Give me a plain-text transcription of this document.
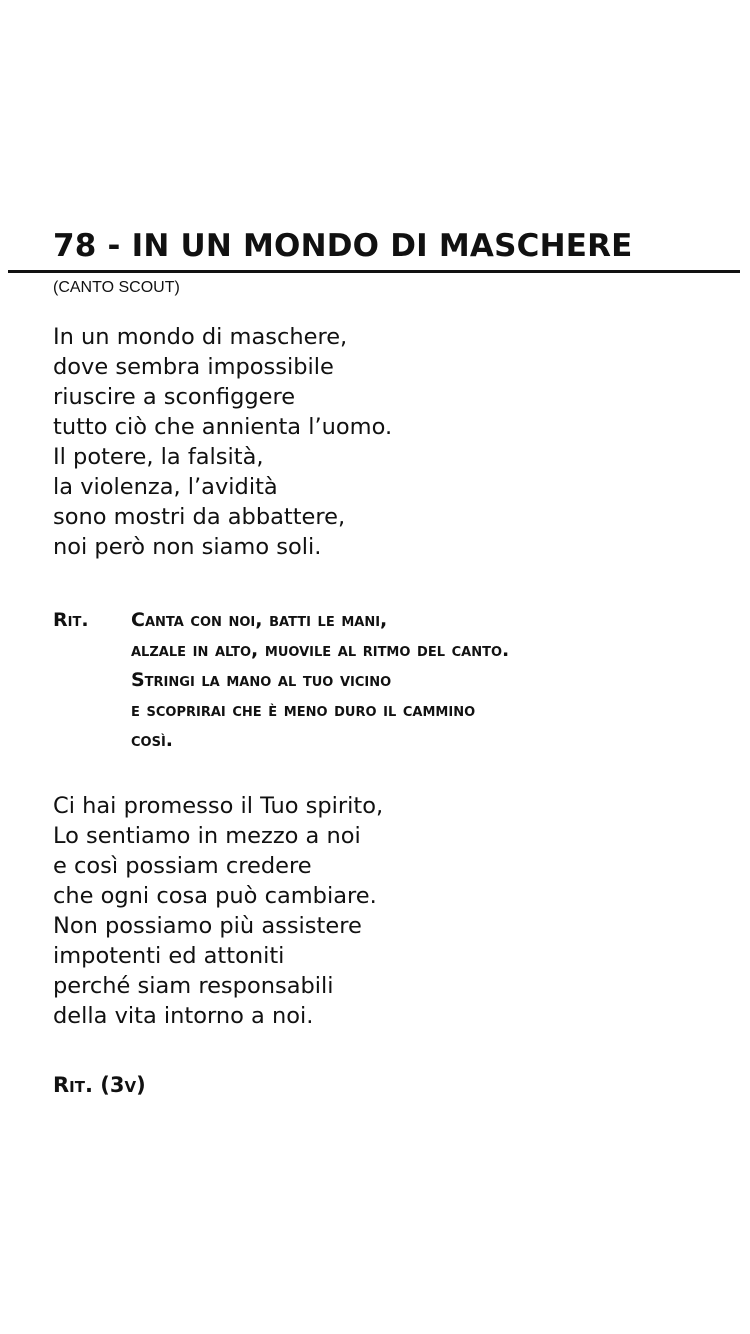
78 - IN UN MONDO DI MASCHERE
(CANTO SCOUT)
In un mondo di maschere,
dove sembra impossibile
riuscire a sconfiggere
tutto ciò che annienta l’uomo.
Il potere, la falsità,
la violenza, l’avidità
sono mostri da abbattere,
noi però non siamo soli.
Rit. Canta con noi, batti le mani,
alzale in alto, muovile al ritmo del canto.
Stringi la mano al tuo vicino
e scoprirai che è meno duro il cammino
così.
Ci hai promesso il Tuo spirito,
Lo sentiamo in mezzo a noi
e così possiam credere
che ogni cosa può cambiare.
Non possiamo più assistere
impotenti ed attoniti
perché siam responsabili
della vita intorno a noi.
Rit. (3v)
